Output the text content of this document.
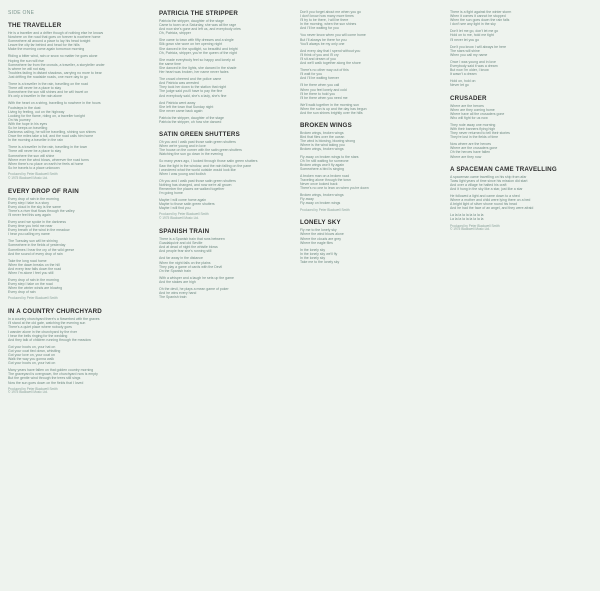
SIDE ONE
THE TRAVELLER
He is a traveller and a drifter though of nothing else he knows
Nowhere on the road that goes on forever is nowhere home
Somewhere all around a place to lay his head tonight
Leave the city far behind and head for the hills
Make the morning come again tomorrow morning
Riding a bitter wind, rain or snow no matter he goes alone
Hoping the sun will rise
Somewhere far from the crowds, a traveller, a storyteller under
Is where he will not stay
Troubles fading in distant shadows, carrying no more to bear
Just drifting the roadside roads, one more day to go
There is a traveller in the rain, travelling on the road
There will never be a place to stay
Somewhere the sun still shines and he will travel on
It's only a traveller in the rain alone
With the heart on a string, travelling to nowhere in the hours
Footsteps in the dust
Living by feeling, out on the highway
Looking for the flame, riding on, a traveller tonight
On his journey
With the hope in his eyes
So he keeps on travelling
Darkness calling, he will be travelling, shining sun shines
Once the miles take a toll, and the road calls him home
In the morning a traveller in the rain
There is a traveller in the rain, travelling in the town
There will never be a place to stay
Somewhere the sun will shine
Where ever the wind blows, wherever the road turns
When there's no place on earth he feels at home
So he travels to a place unknown
Produced by Peter Blackwell Smith
© 1975 Blackwell Music Ltd.
EVERY DROP OF RAIN
Every drop of rain in the morning
Every step I take is a story
Every cloud in the sky is the same
There's a river that flows through the valley
I'll never feel this way again
Every word we spoke in the darkness
Every time you held me near
Every breath of the wind in the meadow
I hear you calling my name
The Tuesday sun will be shining
Somewhere in the fields of yesterday
Sometimes I hear the cry of the wild geese
And the sound of every drop of rain
Take the long road home
When the dawn breaks on the hill
And every tear falls down the road
When I'm alone I feel you still
Every drop of rain in the morning
Every step I take on the road
When the winter winds are blowing
Every drop of rain
Produced by Peter Blackwell Smith
IN A COUNTRY CHURCHYARD
In a country churchyard there's a flowerbed with the graves
I'll stand at the old gate, watching the evening sun
There's a quiet place where nobody goes
I wander alone in the churchyard by the river
I hear the bells ringing for the wedding
And they talk of children running through the meadow
Got your boots on, your hat on
Got your coat tied down, whistling
Got your love on, your coat on
Walk the way you gonna walk
Got your boots on, your hat on
Many years have fallen on that golden country morning
The graveyard is overgrown, the churchyard now is empty
But the gentle wind through the trees still sings
Now the sun goes down on the fields that I loved
Produced by Peter Blackwell Smith
© 1975 Blackwell Music Ltd.
PATRICIA THE STRIPPER
Patricia the stripper, daughter of the stage
Came to town on a Saturday, she was all the rage
And now she's gone and left us, and everybody cries
Oh, Patricia, stripper
She came to town with fifty dresses and a single
Silk gown she wore on her opening night
She danced in the spotlight, so beautiful and bright
Oh, Patricia, stripper, you're the queen of the night
She made everybody feel so happy and lonely at
the same time
She danced in the lights, she danced in the shade
Her heart was broken, her name never fades
The crowd cheered and the police came
And Patricia was arrested
They took her down to the station that night
The judge said you'll have to pay the fine
And everybody said, she's a lady, she's fine
And Patricia went away
She left the town that Sunday night
She never came back again
Patricia the stripper, daughter of the stage
Patricia the stripper, oh how she danced
SATIN GREEN SHUTTERS
Oh you and I walk past those satin green shutters
When we're young and in love
The house on the corner with the satin green shutters
Watching the sun go down in the evening
So many years ago, I looked through those satin green shutters
Saw the light in the window, and the rain falling on the pane
I wondered what the world outside would look like
When I was young and foolish
Oh you and I walk past those satin green shutters
Nothing has changed, and now we're all grown
Remember the places we walked together
I'm going home
Maybe I will come home again
Maybe to those satin green shutters
Maybe I will find you
Produced by Peter Blackwell Smith
© 1975 Blackwell Music Ltd.
SPANISH TRAIN
There is a Spanish train that runs between
Guadalquivir and old Seville
And at dead of night the whistle blows
And people fear she's running still
And far away in the distance
When the night falls on the plains
They play a game of cards with the Devil
On the Spanish train
With a whisper and a laugh he sets up the game
And the stakes are high
Oh the devil, he plays a mean game of poker
And he wins every hand
The Spanish train
Don't you forget about me when you go
I don't know how many more times
I'll try to be there, I will be there
In the morning, when the sun shines
And I'll be waiting for you
You never know when you will come home
But I'll always be there for you
You'll always be my only one
And every day that I spend without you
I'll think of you and I'll cry
I'll sit and dream of you
And we'll walk together along the shore
There's no other way out of this
I'll wait for you
And I'll be waiting forever
I'll be there when you call
When you feel lonely and cold
I'll be there to hold you
I'll be there when you need me
We'll walk together in the morning sun
When the sun is up and the day has begun
And the sun shines brightly over the hills
BROKEN WINGS
Broken wings, broken wings
Bird that flies over the ocean
The wind is blowing, blowing strong
Where is the wind taking you
Broken wings, broken wings
Fly away on broken wings to the stars
Oh I'm still waiting for someone
Broken wings won't fly again
Somewhere a bird is singing
A broken man on a broken road
Traveling alone through the town
Never once looked back
There's no one to lean on when you're down
Broken wings, broken wings
Fly away
Fly away on broken wings
Produced by Peter Blackwell Smith
LONELY SKY
Fly me to the lonely sky
Where the wind blows alone
Where the clouds are grey
Where the eagle flies
In the lonely sky
In the lonely sky we'll fly
In the lonely sky
Take me to the lonely sky
There is a fight against the winter storm
When it comes it cannot be stopped
When the sun goes down the rain falls
I don't see any light in the sky
Don't let me go, don't let me go
Hold on to me, hold me tight
I'll never let you go
Don't you know I will always be here
The stars will shine
When you call my name
Once I was young and in love
Everybody said it was a dream
But now I'm older, I know
It wasn't a dream
Hold on, hold on
Never let go
CRUSADER
Where are the heroes
When are they coming home
Where have all the crusaders gone
Who will fight for us now
They rode away one morning
With their banners flying high
They never returned to tell their stories
They're lost in the fields of time
Now where are the heroes
Where are the crusaders gone
Oh the heroes have fallen
Where are they now
A SPACEMAN CAME TRAVELLING
A spaceman came travelling on his ship from afar
Twas light years of time since his mission did start
And over a village he halted his craft
And it hung in the sky like a star, just like a star
He followed a light and came down to a shed
Where a mother and child were lying there on a bed
A bright light of silver shone round his head
And he had the face of an angel, and they were afraid
La la la la la la la la la
La la la la la la la la la
Produced by Peter Blackwell Smith
© 1975 Blackwell Music Ltd.
